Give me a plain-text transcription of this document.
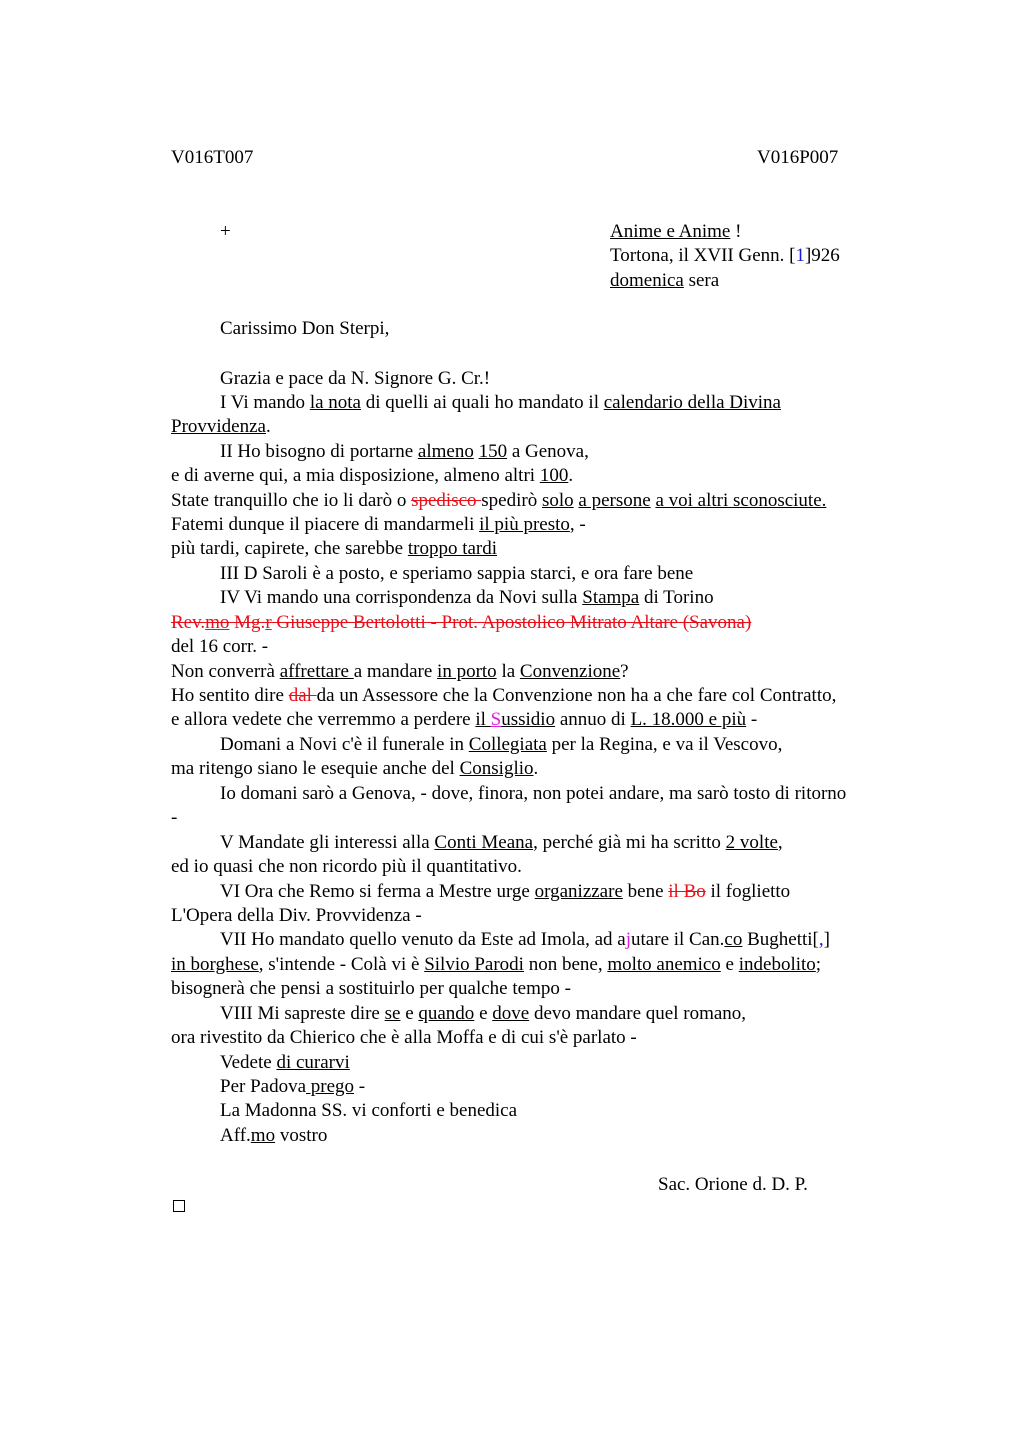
V016T007	V016P007
+	Anime e Anime !
Tortona, il XVII Genn. [1]926
domenica sera
Carissimo Don Sterpi,
Grazia e pace da N. Signore G. Cr.!
I Vi mando la nota di quelli ai quali ho mandato il calendario della Divina
Provvidenza.
II Ho bisogno di portarne almeno 150 a Genova,
e di averne qui, a mia disposizione, almeno altri 100.
State tranquillo che io li darò o spedisco spedirò solo a persone a voi altri sconosciute.
Fatemi dunque il piacere di mandarmeli il più presto, -
più tardi, capirete, che sarebbe troppo tardi
III D Saroli è a posto, e speriamo sappia starci, e ora fare bene
IV Vi mando una corrispondenza da Novi sulla Stampa di Torino
Rev.mo Mg.r Giuseppe Bertolotti - Prot. Apostolico Mitrato Altare (Savona)
del 16 corr. -
Non converrà affrettare a mandare in porto la Convenzione?
Ho sentito dire dal da un Assessore che la Convenzione non ha a che fare col Contratto,
e allora vedete che verremmo a perdere il Sussidio annuo di L. 18.000 e più -
Domani a Novi c'è il funerale in Collegiata per la Regina, e va il Vescovo,
ma ritengo siano le esequie anche del Consiglio.
Io domani sarò a Genova, - dove, finora, non potei andare, ma sarò tosto di ritorno
-
V Mandate gli interessi alla Conti Meana, perché già mi ha scritto 2 volte,
ed io quasi che non ricordo più il quantitativo.
VI Ora che Remo si ferma a Mestre urge organizzare bene il Bo il foglietto
L'Opera della Div. Provvidenza -
VII Ho mandato quello venuto da Este ad Imola, ad ajutare il Can.co Bughetti[,]
in borghese, s'intende - Colà vi è Silvio Parodi non bene, molto anemico e indebolito;
bisognerà che pensi a sostituirlo per qualche tempo -
VIII Mi sapreste dire se e quando e dove devo mandare quel romano,
ora rivestito da Chierico che è alla Moffa e di cui s'è parlato -
Vedete di curarvi
Per Padova prego -
La Madonna SS. vi conforti e benedica
Aff.mo vostro
Sac. Orione d. D. P.
